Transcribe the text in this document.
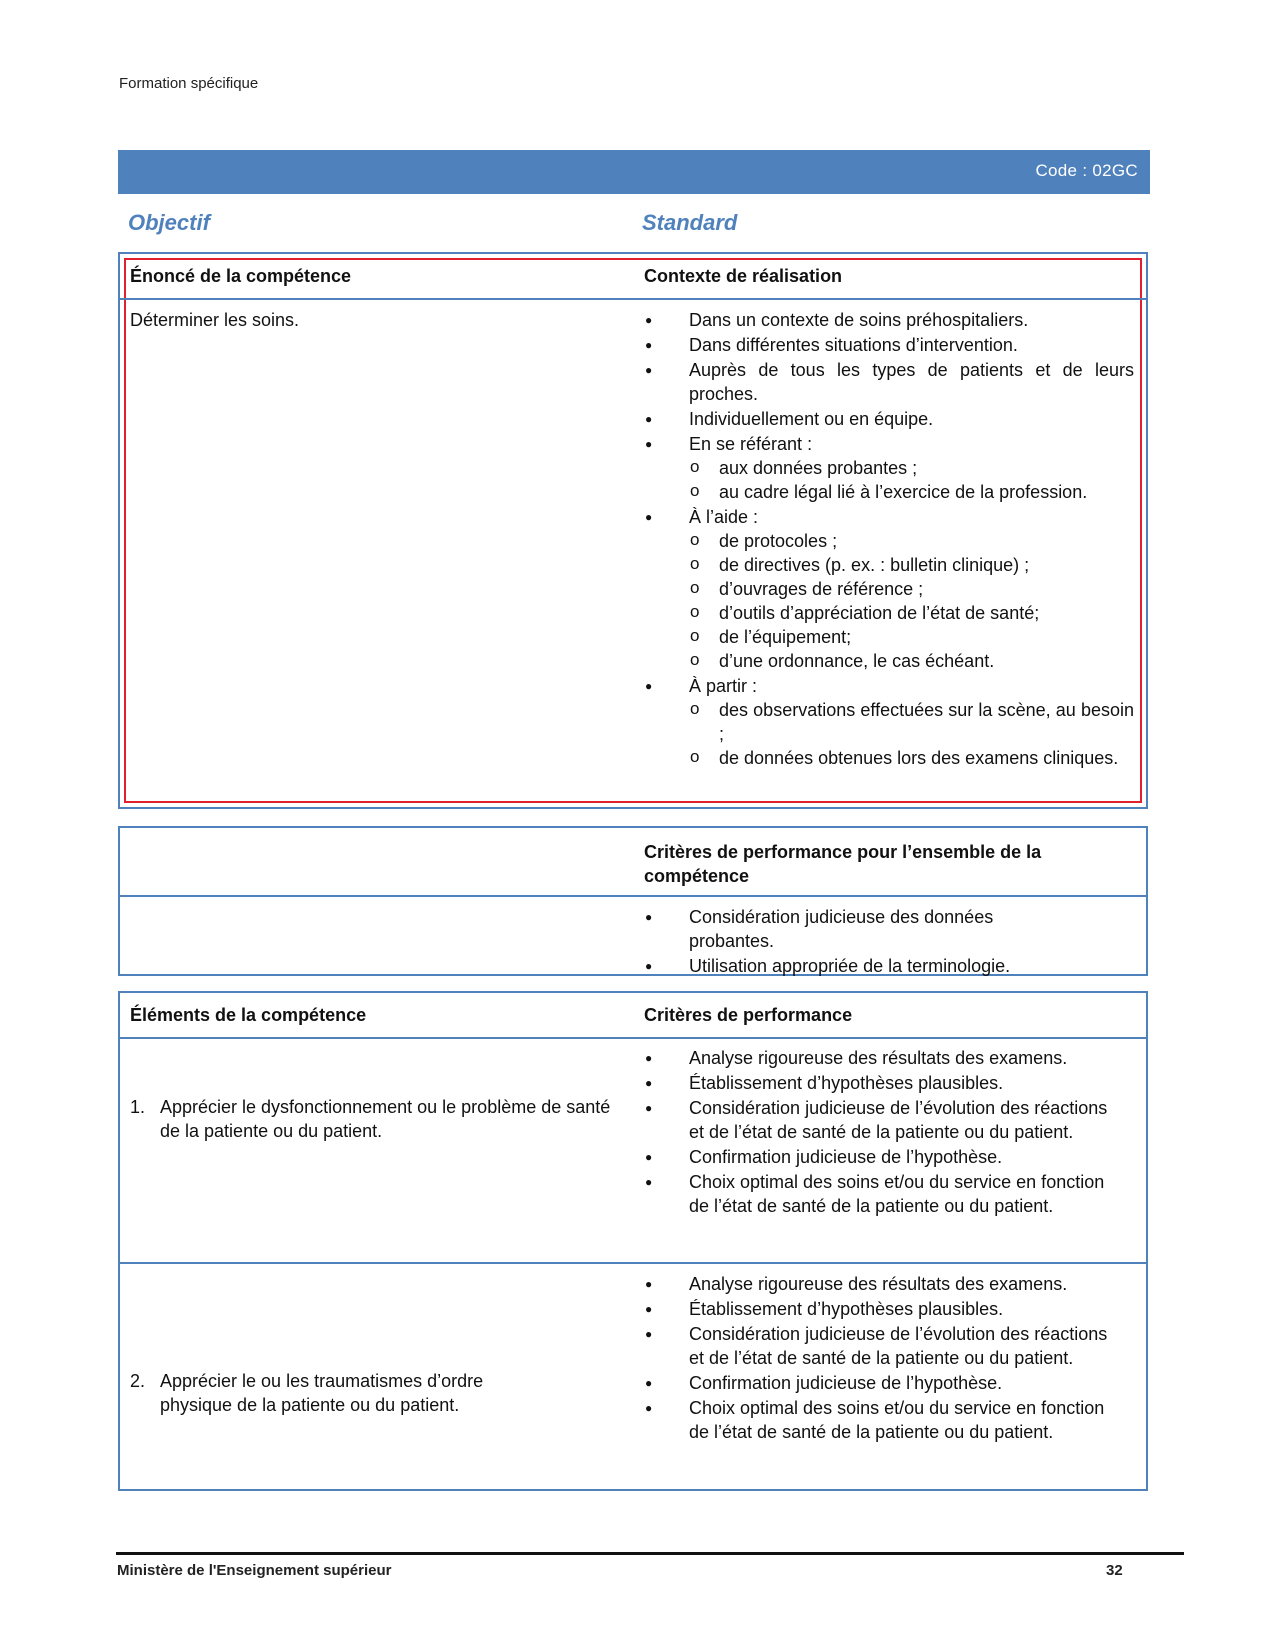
Formation spécifique
Code : 02GC
Objectif	Standard
Énoncé de la compétence	Contexte de réalisation
Déterminer les soins.
●	Dans un contexte de soins préhospitaliers.
● Dans différentes situations d’intervention.
● Auprès de tous les types de patients et de leurs proches.
● Individuellement ou en équipe.
● En se référant :
o aux données probantes ;
o au cadre légal lié à l’exercice de la profession.
● À l’aide :
o de protocoles ;
o de directives (p. ex. : bulletin clinique) ;
o d’ouvrages de référence ;
o d’outils d’appréciation de l’état de santé;
o de l’équipement;
o d’une ordonnance, le cas échéant.
● À partir :
o des observations effectuées sur la scène, au besoin ;
o de données obtenues lors des examens cliniques.
Critères de performance pour l’ensemble de la compétence
● Considération judicieuse des données probantes.
● Utilisation appropriée de la terminologie.
Éléments de la compétence	Critères de performance
1. Apprécier le dysfonctionnement ou le problème de santé de la patiente ou du patient.
● Analyse rigoureuse des résultats des examens.
● Établissement d’hypothèses plausibles.
● Considération judicieuse de l’évolution des réactions et de l’état de santé de la patiente ou du patient.
● Confirmation judicieuse de l’hypothèse.
● Choix optimal des soins et/ou du service en fonction de l’état de santé de la patiente ou du patient.
2. Apprécier le ou les traumatismes d’ordre physique de la patiente ou du patient.
● Analyse rigoureuse des résultats des examens.
● Établissement d’hypothèses plausibles.
● Considération judicieuse de l’évolution des réactions et de l’état de santé de la patiente ou du patient.
● Confirmation judicieuse de l’hypothèse.
● Choix optimal des soins et/ou du service en fonction de l’état de santé de la patiente ou du patient.
Ministère de l'Enseignement supérieur	32
